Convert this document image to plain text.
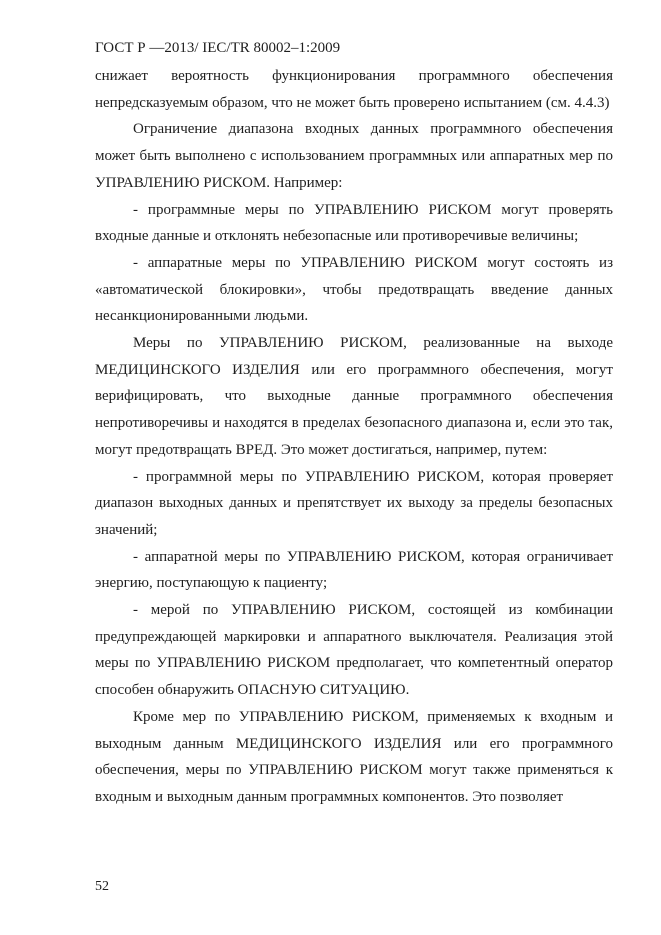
ГОСТ Р —2013/ IEC/TR 80002–1:2009

снижает вероятность функционирования программного обеспечения непредсказуемым образом, что не может быть проверено испытанием (см. 4.4.3)

Ограничение диапазона входных данных программного обеспечения может быть выполнено с использованием программных или аппаратных мер по УПРАВЛЕНИЮ РИСКОМ. Например:

- программные меры по УПРАВЛЕНИЮ РИСКОМ могут проверять входные данные и отклонять небезопасные или противоречивые величины;

- аппаратные меры по УПРАВЛЕНИЮ РИСКОМ могут состоять из «автоматической блокировки», чтобы предотвращать введение данных несанкционированными людьми.

Меры по УПРАВЛЕНИЮ РИСКОМ, реализованные на выходе МЕДИЦИНСКОГО ИЗДЕЛИЯ или его программного обеспечения, могут верифицировать, что выходные данные программного обеспечения непротиворечивы и находятся в пределах безопасного диапазона и, если это так, могут предотвращать ВРЕД. Это может достигаться, например, путем:

- программной меры по УПРАВЛЕНИЮ РИСКОМ, которая проверяет диапазон выходных данных и препятствует их выходу за пределы безопасных значений;

- аппаратной меры по УПРАВЛЕНИЮ РИСКОМ, которая ограничивает энергию, поступающую к пациенту;

- мерой по УПРАВЛЕНИЮ РИСКОМ, состоящей из комбинации предупреждающей маркировки и аппаратного выключателя. Реализация этой меры по УПРАВЛЕНИЮ РИСКОМ предполагает, что компетентный оператор способен обнаружить ОПАСНУЮ СИТУАЦИЮ.

Кроме мер по УПРАВЛЕНИЮ РИСКОМ, применяемых к входным и выходным данным МЕДИЦИНСКОГО ИЗДЕЛИЯ или его программного обеспечения, меры по УПРАВЛЕНИЮ РИСКОМ могут также применяться к входным и выходным данным программных компонентов. Это позволяет

52
